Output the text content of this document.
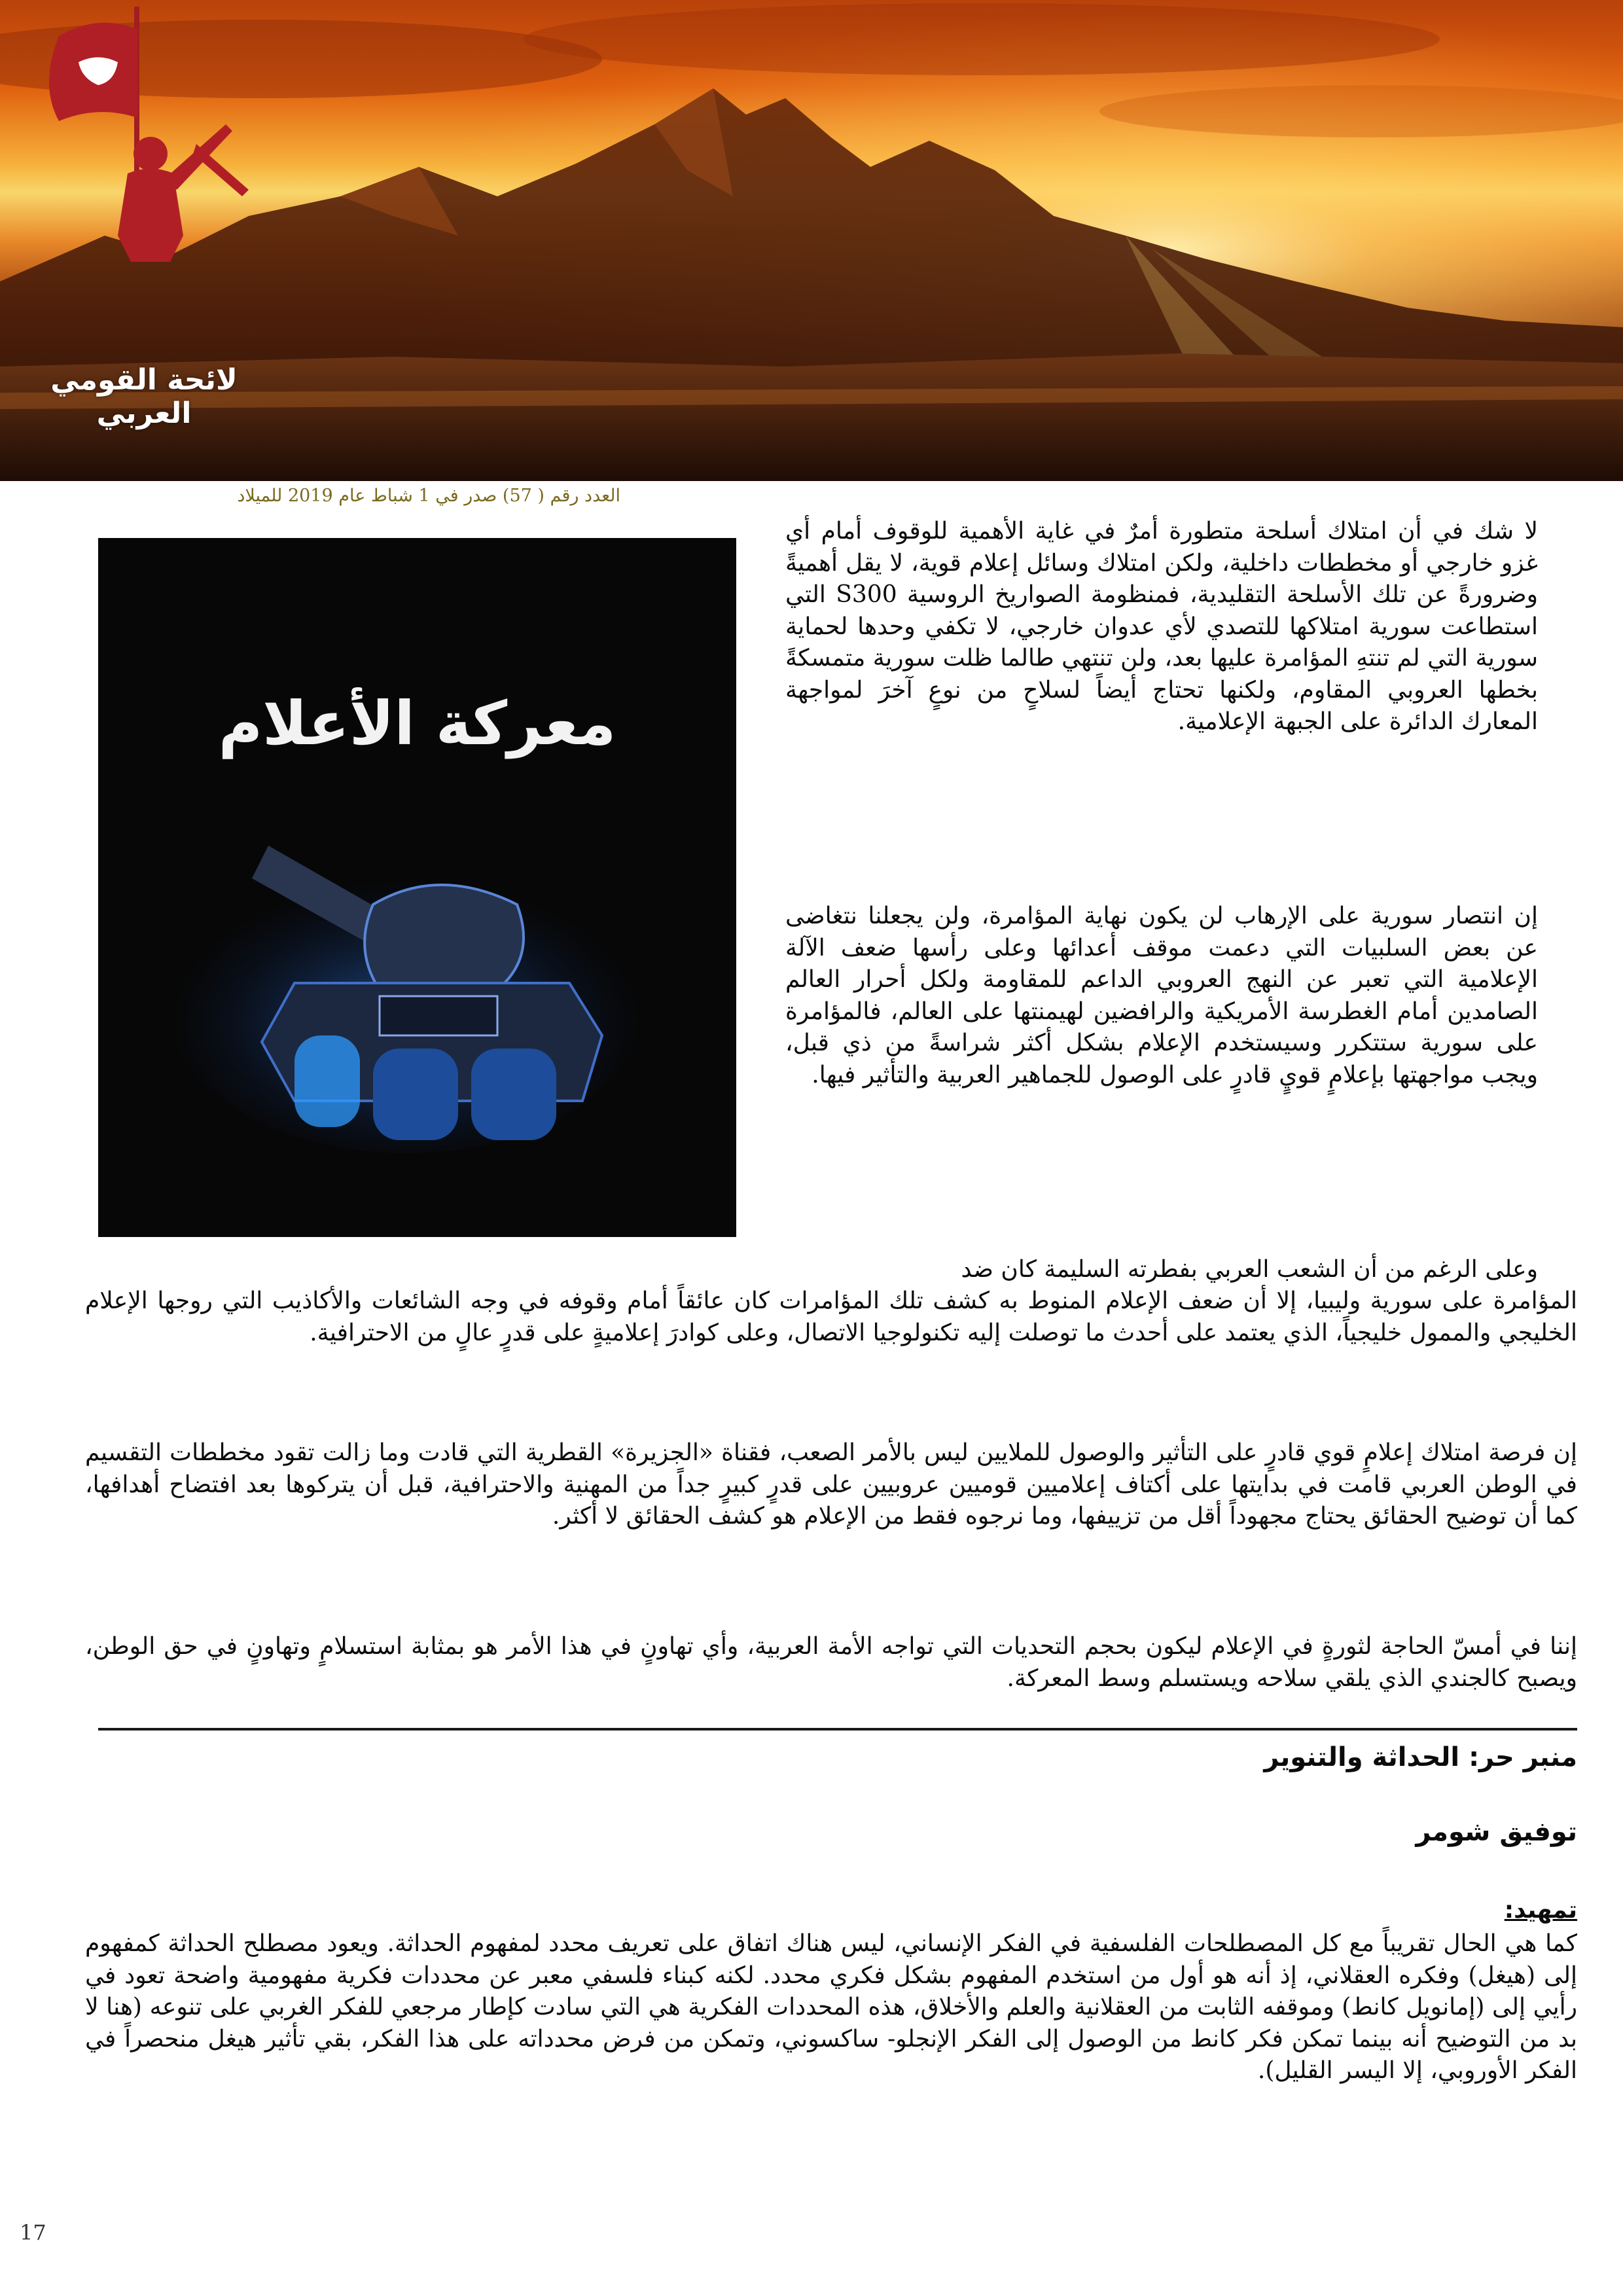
لائحة القومي العربي
العدد رقم ( 57) صدر في 1 شباط عام 2019 للميلاد
معركة الأعلام

لا شك في أن امتلاك أسلحة متطورة أمرٌ في غاية الأهمية للوقوف أمام أي غزو خارجي أو مخططات داخلية، ولكن امتلاك وسائل إعلام قوية، لا يقل أهميةً وضرورةً عن تلك الأسلحة التقليدية، فمنظومة الصواريخ الروسية S300 التي استطاعت سورية امتلاكها للتصدي لأي عدوان خارجي، لا تكفي وحدها لحماية سورية التي لم تنتهِ المؤامرة عليها بعد، ولن تنتهي طالما ظلت سورية متمسكةً بخطها العروبي المقاوم، ولكنها تحتاج أيضاً لسلاحٍ من نوعٍ آخرَ لمواجهة المعارك الدائرة على الجبهة الإعلامية.

إن انتصار سورية على الإرهاب لن يكون نهاية المؤامرة، ولن يجعلنا نتغاضى عن بعض السلبيات التي دعمت موقف أعدائها وعلى رأسها ضعف الآلة الإعلامية التي تعبر عن النهج العروبي الداعم للمقاومة ولكل أحرار العالم الصامدين أمام الغطرسة الأمريكية والرافضين لهيمنتها على العالم، فالمؤامرة على سورية ستتكرر وسيستخدم الإعلام بشكل أكثر شراسةً من ذي قبل، ويجب مواجهتها بإعلامٍ قويٍ قادرٍ على الوصول للجماهير العربية والتأثير فيها.

وعلى الرغم من أن الشعب العربي بفطرته السليمة كان ضد

المؤامرة على سورية وليبيا، إلا أن ضعف الإعلام المنوط به كشف تلك المؤامرات كان عائقاً أمام وقوفه في وجه الشائعات والأكاذيب التي روجها الإعلام الخليجي والممول خليجياً، الذي يعتمد على أحدث ما توصلت إليه تكنولوجيا الاتصال، وعلى كوادرَ إعلاميةٍ على قدرٍ عالٍ من الاحترافية.

إن فرصة امتلاك إعلامٍ قوي قادرٍ على التأثير والوصول للملايين ليس بالأمر الصعب، فقناة «الجزيرة» القطرية التي قادت وما زالت تقود مخططات التقسيم في الوطن العربي قامت في بدايتها على أكتاف إعلاميين قوميين عروبيين على قدرٍ كبيرٍ جداً من المهنية والاحترافية، قبل أن يتركوها بعد افتضاح أهدافها، كما أن توضيح الحقائق يحتاج مجهوداً أقل من تزييفها، وما نرجوه فقط من الإعلام هو كشف الحقائق لا أكثر.

إننا في أمسّ الحاجة لثورةٍ في الإعلام ليكون بحجم التحديات التي تواجه الأمة العربية، وأي تهاونٍ في هذا الأمر هو بمثابة استسلامٍ وتهاونٍ في حق الوطن، ويصبح كالجندي الذي يلقي سلاحه ويستسلم وسط المعركة.

منبر حر: الحداثة والتنوير
توفيق شومر
تمهيد:

كما هي الحال تقريباً مع كل المصطلحات الفلسفية في الفكر الإنساني، ليس هناك اتفاق على تعريف محدد لمفهوم الحداثة. ويعود مصطلح الحداثة كمفهوم إلى (هيغل) وفكره العقلاني، إذ أنه هو أول من استخدم المفهوم بشكل فكري محدد. لكنه كبناء فلسفي معبر عن محددات فكرية مفهومية واضحة تعود في رأيي إلى (إمانويل كانط) وموقفه الثابت من العقلانية والعلم والأخلاق، هذه المحددات الفكرية هي التي سادت كإطار مرجعي للفكر الغربي على تنوعه (هنا لا بد من التوضيح أنه بينما تمكن فكر كانط من الوصول إلى الفكر الإنجلو- ساكسوني، وتمكن من فرض محدداته على هذا الفكر، بقي تأثير هيغل منحصراً في الفكر الأوروبي، إلا اليسر القليل).

17
